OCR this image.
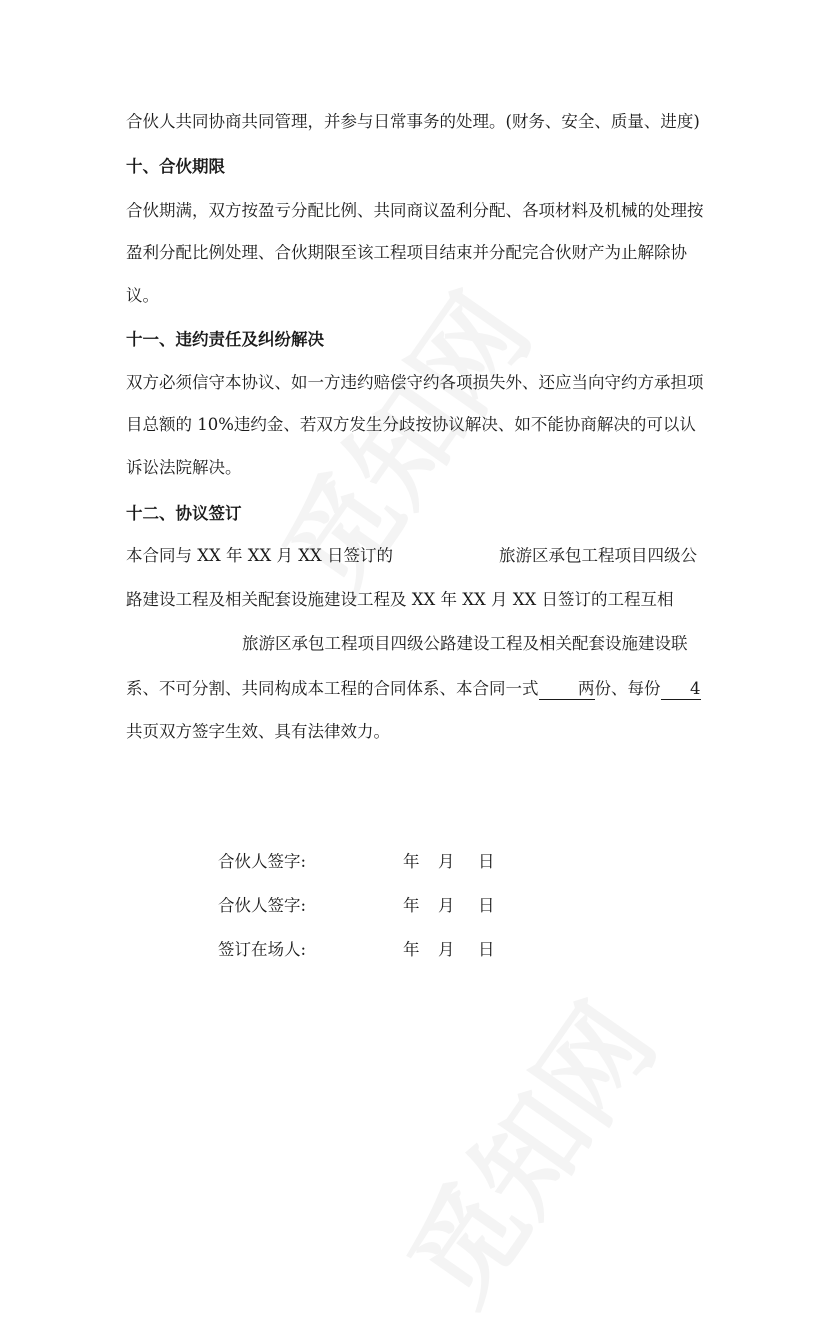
合伙人共同协商共同管理，并参与日常事务的处理。(财务、安全、质量、进度)
十、合伙期限
合伙期满，双方按盈亏分配比例、共同商议盈利分配、各项材料及机械的处理按
盈利分配比例处理、合伙期限至该工程项目结束并分配完合伙财产为止解除协
议。
十一、违约责任及纠纷解决
双方必须信守本协议、如一方违约赔偿守约各项损失外、还应当向守约方承担项
目总额的 10%违约金、若双方发生分歧按协议解决、如不能协商解决的可以认
诉讼法院解决。
十二、协议签订
本合同与 XX 年 XX 月 XX 日签订的	旅游区承包工程项目四级公
路建设工程及相关配套设施建设工程及 XX 年 XX 月 XX 日签订的工程互相
旅游区承包工程项目四级公路建设工程及相关配套设施建设联
系、不可分割、共同构成本工程的合同体系、本合同一式 两份、每份 4
共页双方签字生效、具有法律效力。
合伙人签字:	年 月 日
合伙人签字:	年 月 日
签订在场人:	年 月 日
